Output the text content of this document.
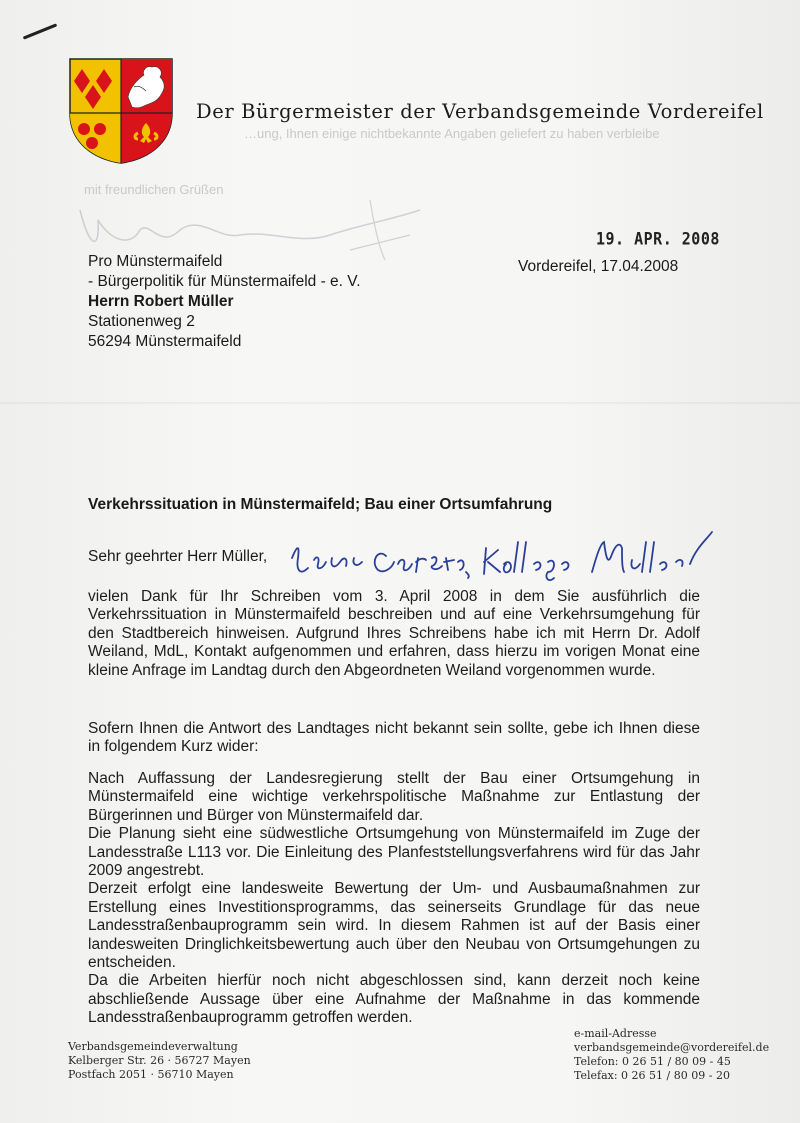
Der Bürgermeister der Verbandsgemeinde Vordereifel
…ung, Ihnen einige nichtbekannte Angaben geliefert zu haben verbleibe
mit freundlichen Grüßen
19. APR. 2008
Pro Münstermaifeld
- Bürgerpolitik für Münstermaifeld - e. V.
Herrn Robert Müller
Stationenweg 2
56294 Münstermaifeld
Vordereifel, 17.04.2008
Verkehrssituation in Münstermaifeld; Bau einer Ortsumfahrung
Sehr geehrter Herr Müller,
vielen Dank für Ihr Schreiben vom 3. April 2008 in dem Sie ausführlich die Verkehrssituation in Münstermaifeld beschreiben und auf eine Verkehrsumgehung für den Stadtbereich hinweisen. Aufgrund Ihres Schreibens habe ich mit Herrn Dr. Adolf Weiland, MdL, Kontakt aufgenommen und erfahren, dass hierzu im vorigen Monat eine kleine Anfrage im Landtag durch den Abgeordneten Weiland vorgenommen wurde.
Sofern Ihnen die Antwort des Landtages nicht bekannt sein sollte, gebe ich Ihnen diese in folgendem Kurz wider:
Nach Auffassung der Landesregierung stellt der Bau einer Ortsumgehung in Münstermaifeld eine wichtige verkehrspolitische Maßnahme zur Entlastung der Bürgerinnen und Bürger von Münstermaifeld dar.
Die Planung sieht eine südwestliche Ortsumgehung von Münstermaifeld im Zuge der Landesstraße L113 vor. Die Einleitung des Planfeststellungsverfahrens wird für das Jahr 2009 angestrebt.
Derzeit erfolgt eine landesweite Bewertung der Um- und Ausbaumaßnahmen zur Erstellung eines Investitionsprogramms, das seinerseits Grundlage für das neue Landesstraßenbauprogramm sein wird. In diesem Rahmen ist auf der Basis einer landesweiten Dringlichkeitsbewertung auch über den Neubau von Ortsumgehungen zu entscheiden.
Da die Arbeiten hierfür noch nicht abgeschlossen sind, kann derzeit noch keine abschließende Aussage über eine Aufnahme der Maßnahme in das kommende Landesstraßenbauprogramm getroffen werden.
Verbandsgemeindeverwaltung
Kelberger Str. 26 · 56727 Mayen
Postfach 2051 · 56710 Mayen
e-mail-Adresse
verbandsgemeinde@vordereifel.de
Telefon: 0 26 51 / 80 09 - 45
Telefax: 0 26 51 / 80 09 - 20
